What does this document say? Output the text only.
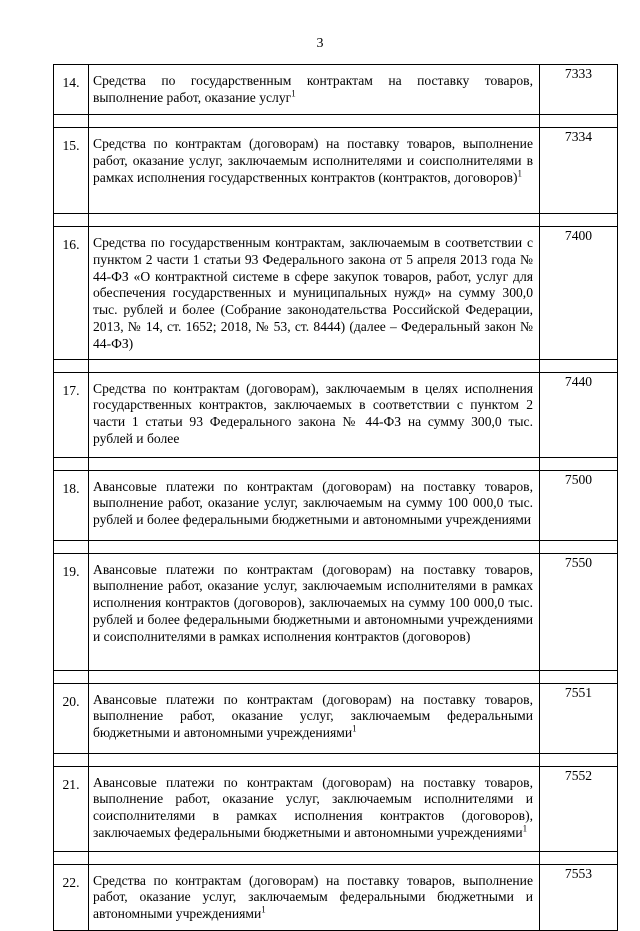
3
14.	Средства по государственным контрактам на поставку товаров, выполнение работ, оказание услуг$^1$	7333

15.	Средства по контрактам (договорам) на поставку товаров, выполнение работ, оказание услуг, заключаемым исполнителями и соисполнителями в рамках исполнения государственных контрактов (контрактов, договоров)$^1$	7334

16.	Средства по государственным контрактам, заключаемым в соответствии с пунктом 2 части 1 статьи 93 Федерального закона от 5 апреля 2013 года № 44-ФЗ «О контрактной системе в сфере закупок товаров, работ, услуг для обеспечения государственных и муниципальных нужд» на сумму 300,0 тыс. рублей и более (Собрание законодательства Российской Федерации, 2013, № 14, ст. 1652; 2018, № 53, ст. 8444) (далее – Федеральный закон № 44-ФЗ)	7400

17.	Средства по контрактам (договорам), заключаемым в целях исполнения государственных контрактов, заключаемых в соответствии с пунктом 2 части 1 статьи 93 Федерального закона № 44-ФЗ на сумму 300,0 тыс. рублей и более	7440

18.	Авансовые платежи по контрактам (договорам) на поставку товаров, выполнение работ, оказание услуг, заключаемым на сумму 100 000,0 тыс. рублей и более федеральными бюджетными и автономными учреждениями	7500

19.	Авансовые платежи по контрактам (договорам) на поставку товаров, выполнение работ, оказание услуг, заключаемым исполнителями в рамках исполнения контрактов (договоров), заключаемых на сумму 100 000,0 тыс. рублей и более федеральными бюджетными и автономными учреждениями и соисполнителями в рамках исполнения контрактов (договоров)	7550

20.	Авансовые платежи по контрактам (договорам) на поставку товаров, выполнение работ, оказание услуг, заключаемым федеральными бюджетными и автономными учреждениями$^1$	7551

21.	Авансовые платежи по контрактам (договорам) на поставку товаров, выполнение работ, оказание услуг, заключаемым исполнителями и соисполнителями в рамках исполнения контрактов (договоров), заключаемых федеральными бюджетными и автономными учреждениями$^1$	7552

22.	Средства по контрактам (договорам) на поставку товаров, выполнение работ, оказание услуг, заключаемым федеральными бюджетными и автономными учреждениями$^1$	7553
